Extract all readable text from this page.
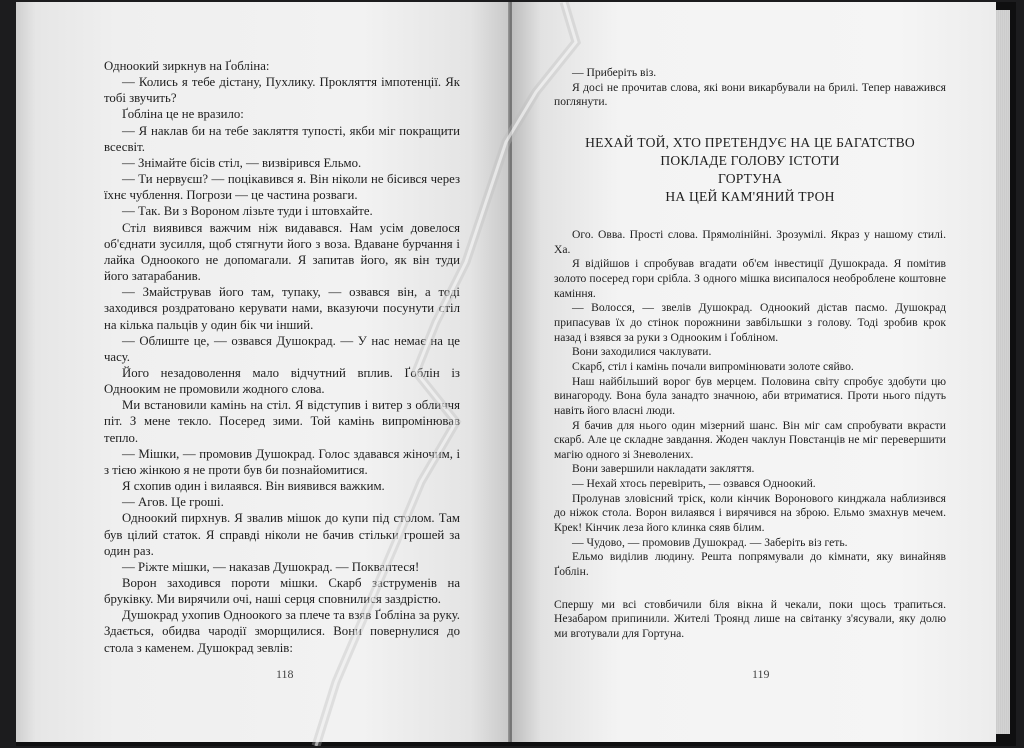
Одноокий зиркнув на Ґобліна:

— Колись я тебе дістану, Пухлику. Прокляття імпотенції. Як тобі звучить?

Ґобліна це не вразило:

— Я наклав би на тебе закляття тупості, якби міг покращити всесвіт.

— Знімайте бісів стіл, — визвірився Ельмо.

— Ти нервуєш? — поцікавився я. Він ніколи не бісився через їхнє чублення. Погрози — це частина розваги.

— Так. Ви з Вороном лізьте туди і штовхайте.

Стіл виявився важчим ніж видавався. Нам усім довелося об'єднати зусилля, щоб стягнути його з воза. Вдаване бурчання і лайка Одноокого не допомагали. Я запитав його, як він туди його затарабанив.

— Змайстрував його там, тупаку, — озвався він, а тоді заходився роздратовано керувати нами, вказуючи посунути стіл на кілька пальців у один бік чи інший.

— Облиште це, — озвався Душокрад. — У нас немає на це часу.

Його незадоволення мало відчутний вплив. Ґоблін із Однооким не промовили жодного слова.

Ми встановили камінь на стіл. Я відступив і витер з обличчя піт. З мене текло. Посеред зими. Той камінь випромінював тепло.

— Мішки, — промовив Душокрад. Голос здавався жіночим, і з тією жінкою я не проти був би познайомитися.

Я схопив один і вилаявся. Він виявився важким.

— Агов. Це гроші.

Одноокий пирхнув. Я звалив мішок до купи під столом. Там був цілий статок. Я справді ніколи не бачив стільки грошей за один раз.

— Ріжте мішки, — наказав Душокрад. — Покваптеся!

Ворон заходився пороти мішки. Скарб заструменів на бруківку. Ми вирячили очі, наші серця сповнилися заздрістю.

Душокрад ухопив Одноокого за плече та взяв Ґобліна за руку. Здається, обидва чародії зморщилися. Вони повернулися до стола з каменем. Душокрад зевлів:

118

— Приберіть віз.

Я досі не прочитав слова, які вони викарбували на брилі. Тепер наважився поглянути.

НЕХАЙ ТОЙ, ХТО ПРЕТЕНДУЄ НА ЦЕ БАГАТСТВО
ПОКЛАДЕ ГОЛОВУ ІСТОТИ
ГОРТУНА
НА ЦЕЙ КАМ'ЯНИЙ ТРОН

Ого. Овва. Прості слова. Прямолінійні. Зрозумілі. Якраз у нашому стилі. Ха.

Я відійшов і спробував вгадати об'єм інвестиції Душокрада. Я помітив золото посеред гори срібла. З одного мішка висипалося необроблене коштовне каміння.

— Волосся, — звелів Душокрад. Одноокий дістав пасмо. Душокрад припасував їх до стінок порожнини завбільшки з голову. Тоді зробив крок назад і взявся за руки з Однооким і Ґобліном.

Вони заходилися чаклувати.

Скарб, стіл і камінь почали випромінювати золоте сяйво.

Наш найбільший ворог був мерцем. Половина світу спробує здобути цю винагороду. Вона була занадто значною, аби втриматися. Проти нього підуть навіть його власні люди.

Я бачив для нього один мізерний шанс. Він міг сам спробувати вкрасти скарб. Але це складне завдання. Жоден чаклун Повстанців не міг перевершити магію одного зі Зневолених.

Вони завершили накладати закляття.

— Нехай хтось перевірить, — озвався Одноокий.

Пролунав зловісний тріск, коли кінчик Воронового кинджала наблизився до ніжок стола. Ворон вилаявся і вирячився на зброю. Ельмо змахнув мечем. Крек! Кінчик леза його клинка сяяв білим.

— Чудово, — промовив Душокрад. — Заберіть віз геть.

Ельмо виділив людину. Решта попрямували до кімнати, яку винайняв Ґоблін.

Спершу ми всі стовбичили біля вікна й чекали, поки щось трапиться. Незабаром припинили. Жителі Троянд лише на світанку з'ясували, яку долю ми вготували для Гортуна.

119
